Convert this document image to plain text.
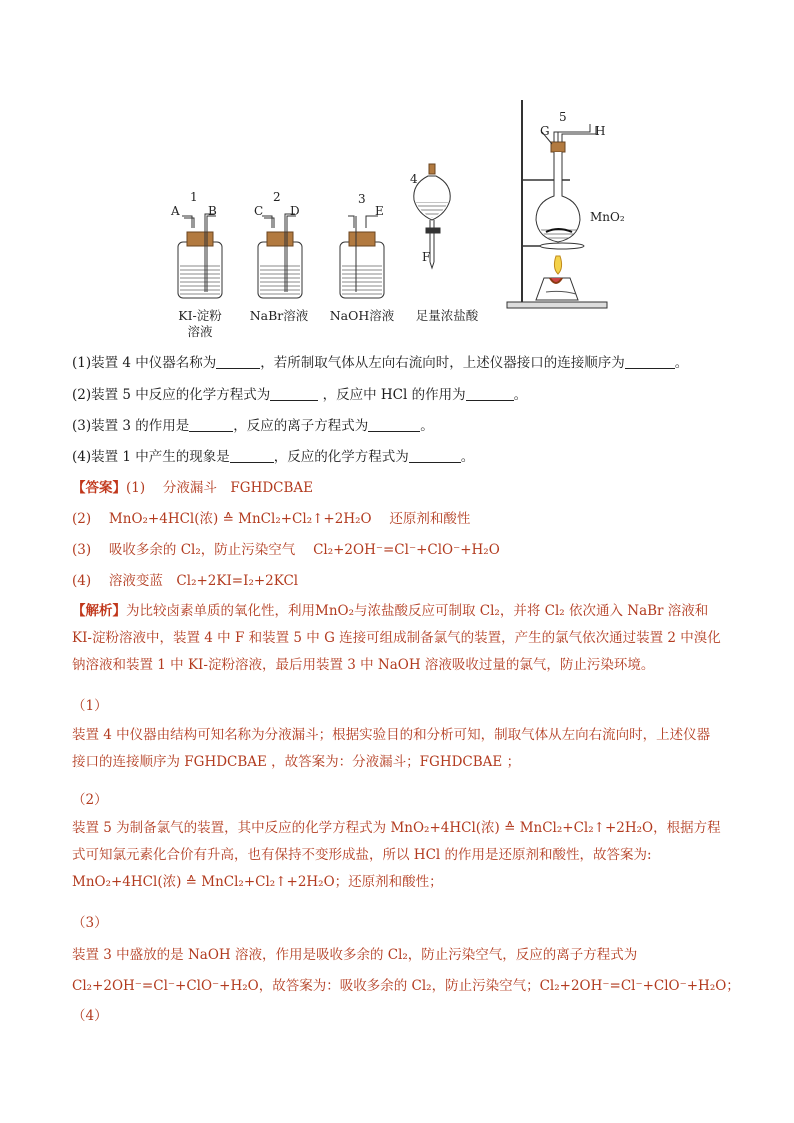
1
A B
2
C D
3
E
4
F
5
G	H
MnO₂
KI-淀粉
溶液
NaBr溶液	NaOH溶液	足量浓盐酸
(1)装置 4 中仪器名称为	，若所制取气体从左向右流向时，上述仪器接口的连接顺序为	。
(2)装置 5 中反应的化学方程式为	，反应中 HCl 的作用为	。
(3)装置 3 的作用是	，反应的离子方程式为	。
(4)装置 1 中产生的现象是	，反应的化学方程式为	。
【答案】(1)　 分液漏斗　FGHDCBAE
(2)　 MnO₂+4HCl(浓) ≙ MnCl₂+Cl₂↑+2H₂O　 还原剂和酸性
(3)　 吸收多余的 Cl₂，防止污染空气　 Cl₂+2OH⁻=Cl⁻+ClO⁻+H₂O
(4)　 溶液变蓝　Cl₂+2KI=I₂+2KCl
【解析】为比较卤素单质的氧化性，利用MnO₂与浓盐酸反应可制取 Cl₂，并将 Cl₂ 依次通入 NaBr 溶液和 KI-淀粉溶液中，装置 4 中 F 和装置 5 中 G 连接可组成制备氯气的装置，产生的氯气依次通过装置 2 中溴化钠溶液和装置 1 中 KI-淀粉溶液，最后用装置 3 中 NaOH 溶液吸收过量的氯气，防止污染环境。
（1）
装置 4 中仪器由结构可知名称为分液漏斗；根据实验目的和分析可知，制取气体从左向右流向时，上述仪器接口的连接顺序为 FGHDCBAE ，故答案为：分液漏斗；FGHDCBAE ；
（2）
装置 5 为制备氯气的装置，其中反应的化学方程式为 MnO₂+4HCl(浓) ≙ MnCl₂+Cl₂↑+2H₂O，根据方程式可知氯元素化合价有升高，也有保持不变形成盐，所以 HCl 的作用是还原剂和酸性，故答案为: MnO₂+4HCl(浓) ≙ MnCl₂+Cl₂↑+2H₂O；还原剂和酸性；
（3）
装置 3 中盛放的是 NaOH 溶液，作用是吸收多余的 Cl₂，防止污染空气，反应的离子方程式为
Cl₂+2OH⁻=Cl⁻+ClO⁻+H₂O，故答案为：吸收多余的 Cl₂，防止污染空气；Cl₂+2OH⁻=Cl⁻+ClO⁻+H₂O；
（4）
